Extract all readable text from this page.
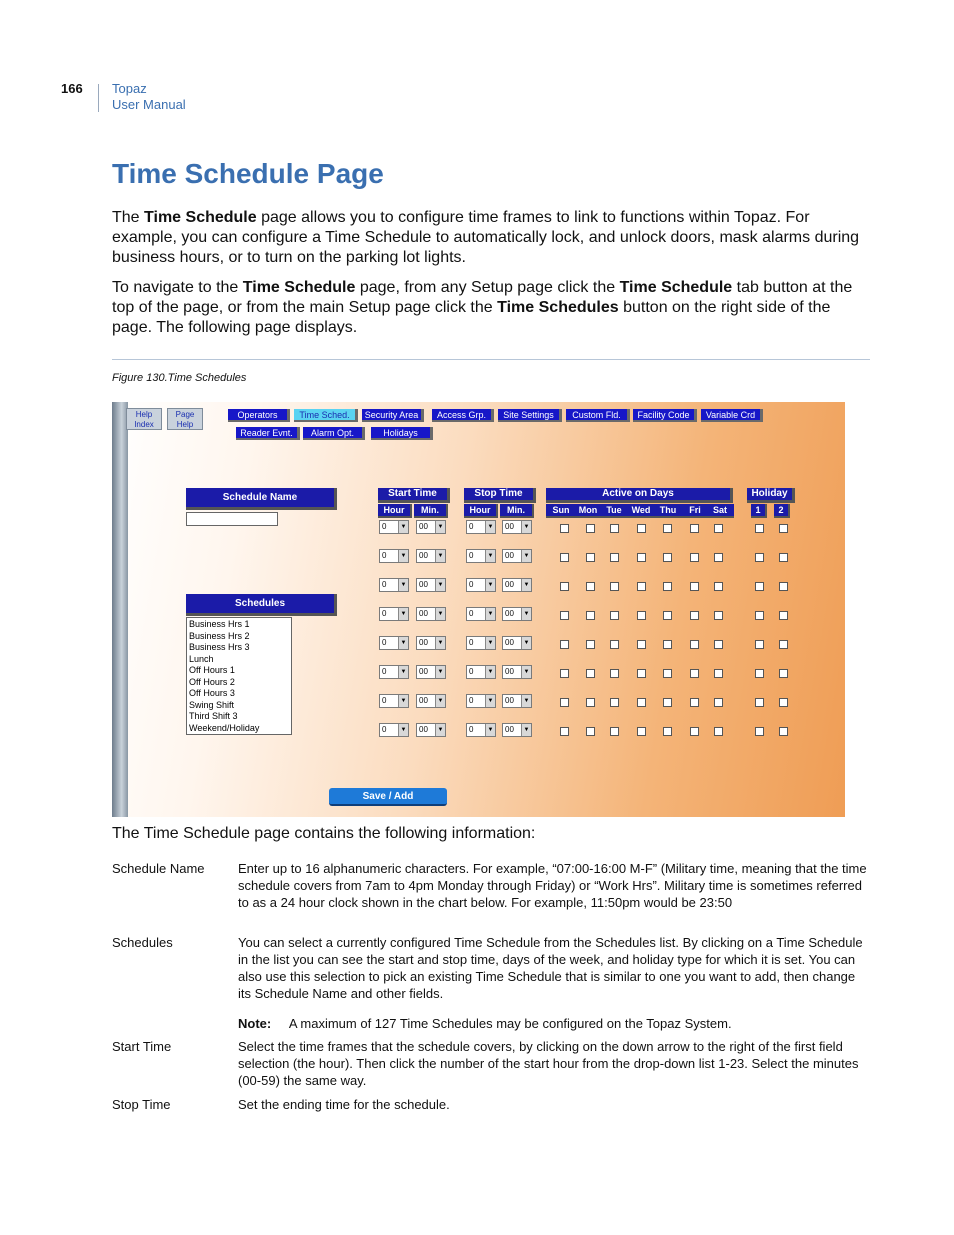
166 Topaz
User Manual
Time Schedule Page

The Time Schedule page allows you to configure time frames to link to functions within Topaz. For example, you can configure a Time Schedule to automatically lock, and unlock doors, mask alarms during business hours, or to turn on the parking lot lights.

To navigate to the Time Schedule page, from any Setup page click the Time Schedule tab button at the top of the page, or from the main Setup page click the Time Schedules button on the right side of the page. The following page displays.

Figure 130.Time Schedules
Help Index
Page Help
Schedule Name
Schedules
Business Hrs 1
Business Hrs 2
Business Hrs 3
Lunch
Off Hours 1
Off Hours 2
Off Hours 3
Swing Shift
Third Shift 3
Weekend/Holiday
Start Time	Stop Time	Active on Days	Holiday
Save / Add
Operators	Time Sched.	Security Area	Access Grp.	Site Settings	Custom Fld.	Facility Code	Variable Crd
Reader Evnt.	Alarm Opt.	Holidays
Hour	Min.	Hour	Min.	Sun	Mon	Tue	Wed	Thu	Fri	Sat	1	2
0	▼	00	▼	0	▼	00	▼
0	▼	00	▼	0	▼	00	▼
0	▼	00	▼	0	▼	00	▼
0	▼	00	▼	0	▼	00	▼
0	▼	00	▼	0	▼	00	▼
0	▼	00	▼	0	▼	00	▼
0	▼	00	▼	0	▼	00	▼
0	▼	00	▼	0	▼	00	▼

The Time Schedule page contains the following information:

Schedule Name	Enter up to 16 alphanumeric characters. For example, “07:00-16:00 M-F” (Military time, meaning that the time schedule covers from 7am to 4pm Monday through Friday) or “Work Hrs”. Military time is sometimes referred to as a 24 hour clock shown in the chart below. For example, 11:50pm would be 23:50
Schedules	You can select a currently configured Time Schedule from the Schedules list. By clicking on a Time Schedule in the list you can see the start and stop time, days of the week, and holiday type for which it is set. You can also use this selection to pick an existing Time Schedule that is similar to one you want to add, then change its Schedule Name and other fields.
Note: A maximum of 127 Time Schedules may be configured on the Topaz System.
Start Time	Select the time frames that the schedule covers, by clicking on the down arrow to the right of the first field selection (the hour). Then click the number of the start hour from the drop-down list 1-23. Select the minutes (00-59) the same way.
Stop Time	Set the ending time for the schedule.
